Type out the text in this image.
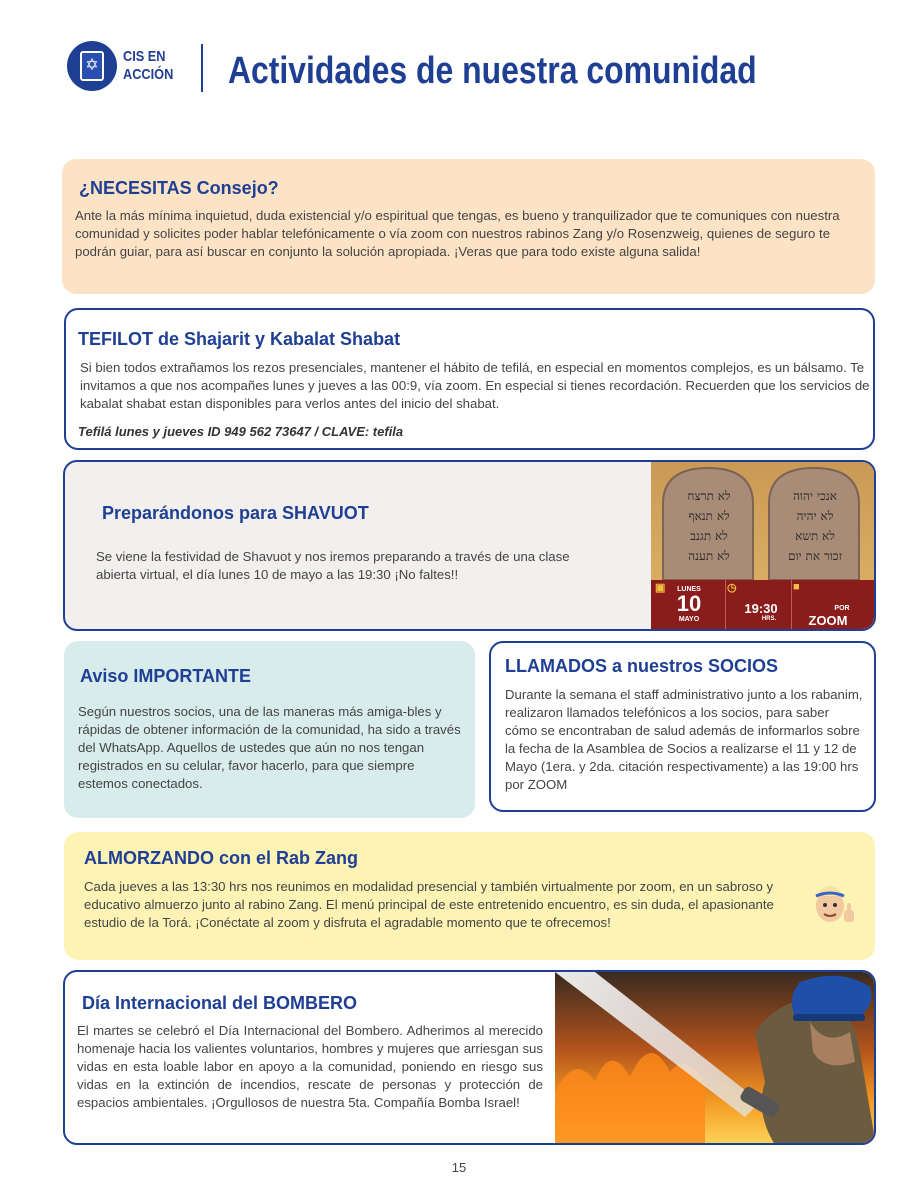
✡	CIS EN
ACCIÓN Actividades de nuestra comunidad
¿NECESITAS Consejo?
Ante la más mínima inquietud, duda existencial y/o espiritual que tengas, es bueno y tranquilizador que te comuniques con nuestra comunidad y solicites poder hablar telefónicamente o vía zoom con nuestros rabinos Zang y/o Rosenzweig, quienes de seguro te podrán guiar, para así buscar en conjunto la solución apropiada. ¡Veras que para todo existe alguna salida!
TEFILOT de Shajarit y Kabalat Shabat
Si bien todos extrañamos los rezos presenciales, mantener el hábito de tefilá, en especial en momentos complejos, es un bálsamo. Te invitamos a que nos acompañes lunes y jueves a las 00:9, vía zoom. En especial si tienes recordación. Recuerden que los servicios de kabalat shabat estan disponibles para verlos antes del inicio del shabat.
Tefilá lunes y jueves ID 949 562 73647 / CLAVE: tefila
Preparándonos para SHAVUOT
Se viene la festividad de Shavuot y nos iremos preparando a través de una clase abierta virtual, el día lunes 10 de mayo a las 19:30 ¡No faltes!!
לא תרצח
לא תנאף
לא תגנב
לא תענה
אנכי יהוה
לא יהיה
לא תשא
זכור את יום
▣	LUNES
10
MAYO
◷
19:30
HRS.
■
POR
ZOOM
Aviso IMPORTANTE
Según nuestros socios, una de las maneras más amiga-bles y rápidas de obtener información de la comunidad, ha sido a través del WhatsApp. Aquellos de ustedes que aún no nos tengan registrados en su celular, favor hacerlo, para que siempre estemos conectados.
LLAMADOS a nuestros SOCIOS
Durante la semana el staff administrativo junto a los rabanim, realizaron llamados telefónicos a los socios, para saber cómo se encontraban de salud además de informarlos sobre la fecha de la Asamblea de Socios a realizarse el 11 y 12 de Mayo (1era. y 2da. citación respectivamente) a las 19:00 hrs por ZOOM
ALMORZANDO con el Rab Zang
Cada jueves a las 13:30 hrs nos reunimos en modalidad presencial y también virtualmente por zoom, en un sabroso y educativo almuerzo junto al rabino Zang. El menú principal de este entretenido encuentro, es sin duda, el apasionante estudio de la Torá. ¡Conéctate al zoom y disfruta el agradable momento que te ofrecemos!
Día Internacional del BOMBERO
El martes se celebró el Día Internacional del Bombero. Adherimos al merecido homenaje hacia los valientes voluntarios, hombres y mujeres que arriesgan sus vidas en esta loable labor en apoyo a la comunidad, poniendo en riesgo sus vidas en la extinción de incendios, rescate de personas y protección de espacios ambientales. ¡Orgullosos de nuestra 5ta. Compañía Bomba Israel!
15
